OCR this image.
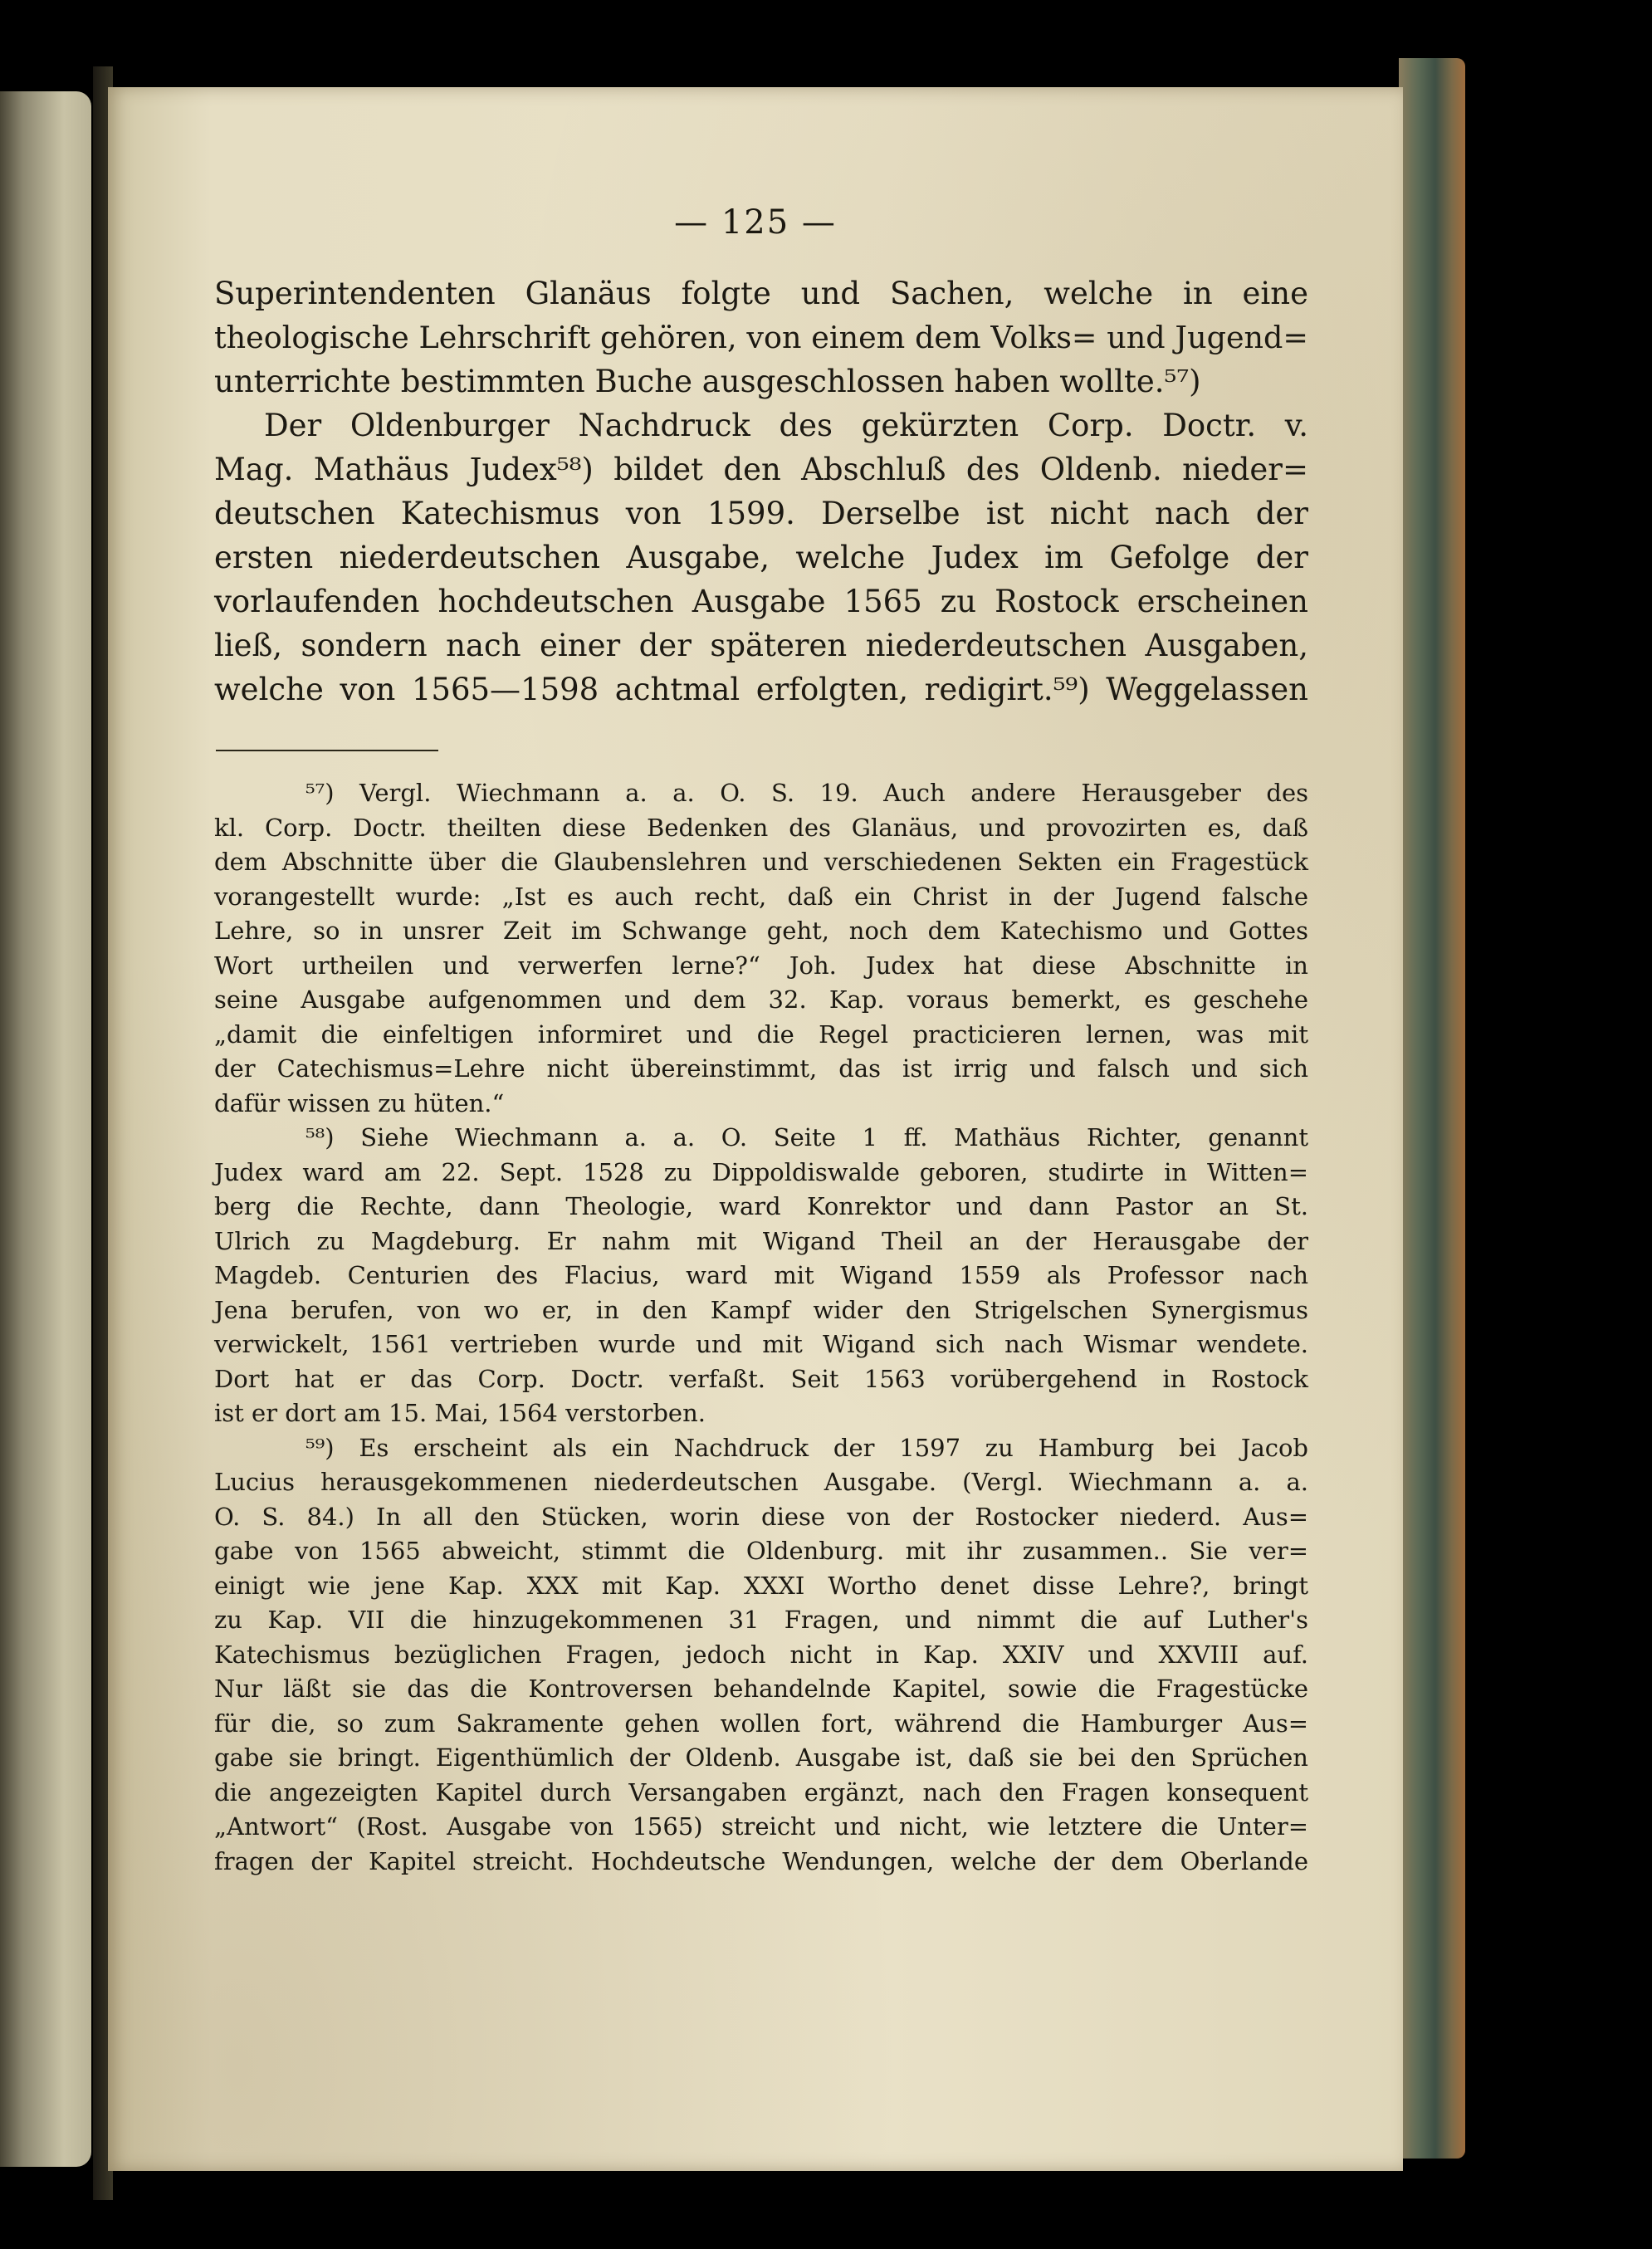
— 125 —
Superintendenten Glanäus folgte und Sachen, welche in eine
theologische Lehrschrift gehören, von einem dem Volks= und Jugend=
unterrichte bestimmten Buche ausgeschlossen haben wollte.⁵⁷)
Der Oldenburger Nachdruck des gekürzten Corp. Doctr. v.
Mag. Mathäus Judex⁵⁸) bildet den Abschluß des Oldenb. nieder=
deutschen Katechismus von 1599. Derselbe ist nicht nach der
ersten niederdeutschen Ausgabe, welche Judex im Gefolge der
vorlaufenden hochdeutschen Ausgabe 1565 zu Rostock erscheinen
ließ, sondern nach einer der späteren niederdeutschen Ausgaben,
welche von 1565—1598 achtmal erfolgten, redigirt.⁵⁹) Weggelassen
⁵⁷) Vergl. Wiechmann a. a. O. S. 19. Auch andere Herausgeber des
kl. Corp. Doctr. theilten diese Bedenken des Glanäus, und provozirten es, daß
dem Abschnitte über die Glaubenslehren und verschiedenen Sekten ein Fragestück
vorangestellt wurde: „Ist es auch recht, daß ein Christ in der Jugend falsche
Lehre, so in unsrer Zeit im Schwange geht, noch dem Katechismo und Gottes
Wort urtheilen und verwerfen lerne?“ Joh. Judex hat diese Abschnitte in
seine Ausgabe aufgenommen und dem 32. Kap. voraus bemerkt, es geschehe
„damit die einfeltigen informiret und die Regel practicieren lernen, was mit
der Catechismus=Lehre nicht übereinstimmt, das ist irrig und falsch und sich
dafür wissen zu hüten.“
⁵⁸) Siehe Wiechmann a. a. O. Seite 1 ff. Mathäus Richter, genannt
Judex ward am 22. Sept. 1528 zu Dippoldiswalde geboren, studirte in Witten=
berg die Rechte, dann Theologie, ward Konrektor und dann Pastor an St.
Ulrich zu Magdeburg. Er nahm mit Wigand Theil an der Herausgabe der
Magdeb. Centurien des Flacius, ward mit Wigand 1559 als Professor nach
Jena berufen, von wo er, in den Kampf wider den Strigelschen Synergismus
verwickelt, 1561 vertrieben wurde und mit Wigand sich nach Wismar wendete.
Dort hat er das Corp. Doctr. verfaßt. Seit 1563 vorübergehend in Rostock
ist er dort am 15. Mai, 1564 verstorben.
⁵⁹) Es erscheint als ein Nachdruck der 1597 zu Hamburg bei Jacob
Lucius herausgekommenen niederdeutschen Ausgabe. (Vergl. Wiechmann a. a.
O. S. 84.) In all den Stücken, worin diese von der Rostocker niederd. Aus=
gabe von 1565 abweicht, stimmt die Oldenburg. mit ihr zusammen.. Sie ver=
einigt wie jene Kap. XXX mit Kap. XXXI Wortho denet disse Lehre?, bringt
zu Kap. VII die hinzugekommenen 31 Fragen, und nimmt die auf Luther's
Katechismus bezüglichen Fragen, jedoch nicht in Kap. XXIV und XXVIII auf.
Nur läßt sie das die Kontroversen behandelnde Kapitel, sowie die Fragestücke
für die, so zum Sakramente gehen wollen fort, während die Hamburger Aus=
gabe sie bringt. Eigenthümlich der Oldenb. Ausgabe ist, daß sie bei den Sprüchen
die angezeigten Kapitel durch Versangaben ergänzt, nach den Fragen konsequent
„Antwort“ (Rost. Ausgabe von 1565) streicht und nicht, wie letztere die Unter=
fragen der Kapitel streicht. Hochdeutsche Wendungen, welche der dem Oberlande
